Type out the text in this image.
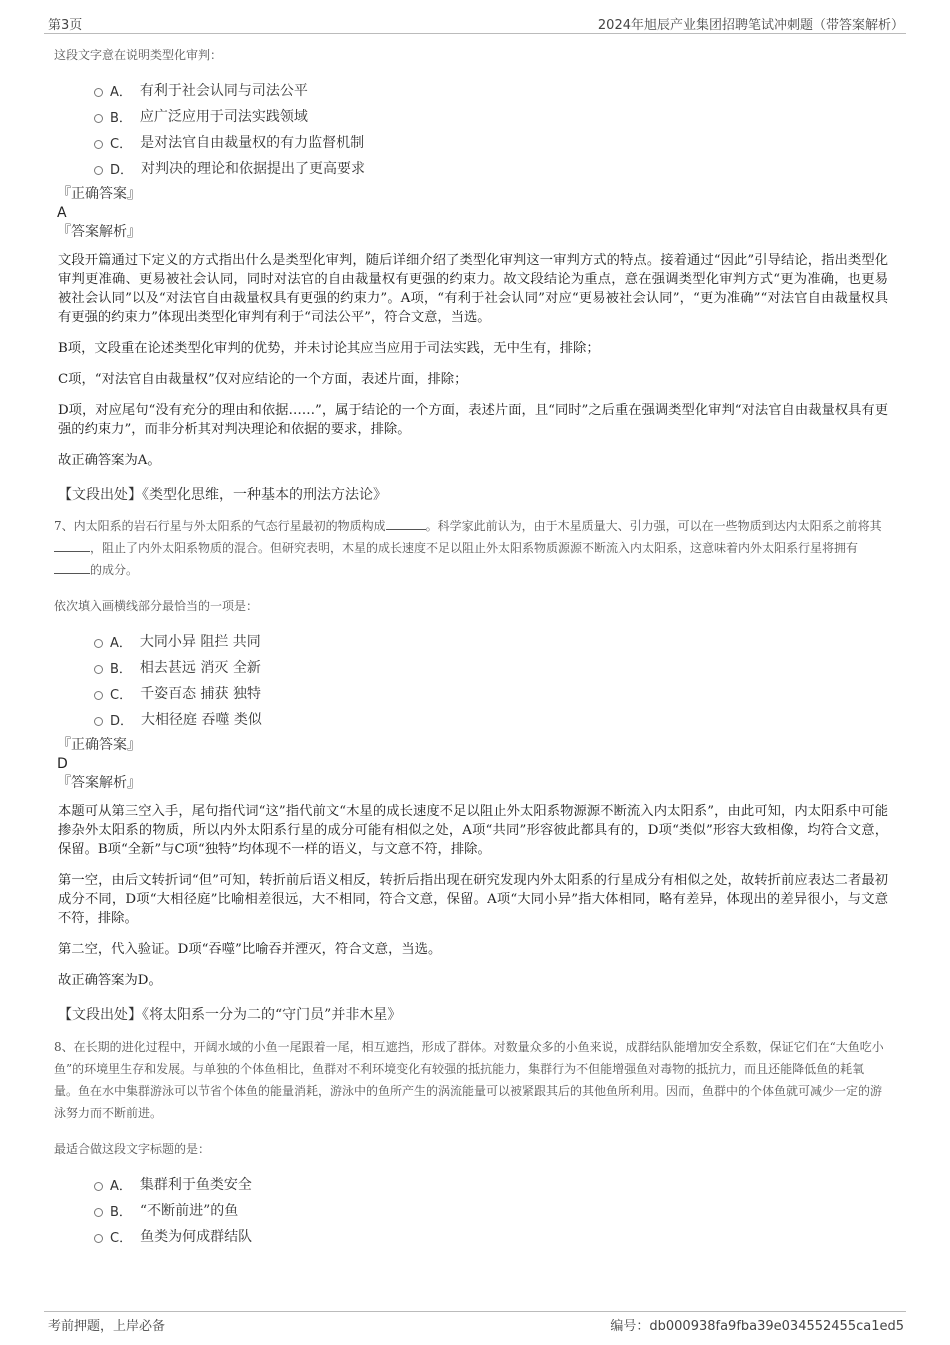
第3页	2024年旭辰产业集团招聘笔试冲刺题（带答案解析）

这段文字意在说明类型化审判：

A． 有利于社会认同与司法公平
B． 应广泛应用于司法实践领域
C． 是对法官自由裁量权的有力监督机制
D． 对判决的理论和依据提出了更高要求

『正确答案』

A

『答案解析』

文段开篇通过下定义的方式指出什么是类型化审判，随后详细介绍了类型化审判这一审判方式的特点。接着通过“因此”引导结论，指出类型化审判更准确、更易被社会认同，同时对法官的自由裁量权有更强的约束力。故文段结论为重点，意在强调类型化审判方式“更为准确，也更易被社会认同”以及“对法官自由裁量权具有更强的约束力”。A项，“有利于社会认同”对应“更易被社会认同”，“更为准确”“对法官自由裁量权具有更强的约束力”体现出类型化审判有利于“司法公平”，符合文意，当选。

B项，文段重在论述类型化审判的优势，并未讨论其应当应用于司法实践，无中生有，排除；

C项，“对法官自由裁量权”仅对应结论的一个方面，表述片面，排除；

D项，对应尾句“没有充分的理由和依据……”，属于结论的一个方面，表述片面，且“同时”之后重在强调类型化审判“对法官自由裁量权具有更强的约束力”，而非分析其对判决理论和依据的要求，排除。

故正确答案为A。

【文段出处】《类型化思维，一种基本的刑法方法论》

7、内太阳系的岩石行星与外太阳系的气态行星最初的物质构成	。科学家此前认为，由于木星质量大、引力强，可以在一些物质到达内太阳系之前将其，阻止了内外太阳系物质的混合。但研究表明，木星的成长速度不足以阻止外太阳系物质源源不断流入内太阳系，这意味着内外太阳系行星将拥有的成分。

依次填入画横线部分最恰当的一项是：

A． 大同小异 阻拦 共同
B． 相去甚远 消灭 全新
C． 千姿百态 捕获 独特
D． 大相径庭 吞噬 类似

『正确答案』

D

『答案解析』

本题可从第三空入手，尾句指代词“这”指代前文“木星的成长速度不足以阻止外太阳系物源源不断流入内太阳系”，由此可知，内太阳系中可能掺杂外太阳系的物质，所以内外太阳系行星的成分可能有相似之处，A项“共同”形容彼此都具有的，D项“类似”形容大致相像，均符合文意，保留。B项“全新”与C项“独特”均体现不一样的语义，与文意不符，排除。

第一空，由后文转折词“但”可知，转折前后语义相反，转折后指出现在研究发现内外太阳系的行星成分有相似之处，故转折前应表达二者最初成分不同，D项“大相径庭”比喻相差很远，大不相同，符合文意，保留。A项“大同小异”指大体相同，略有差异，体现出的差异很小，与文意不符，排除。

第二空，代入验证。D项“吞噬”比喻吞并湮灭，符合文意，当选。

故正确答案为D。

【文段出处】《将太阳系一分为二的“守门员”并非木星》

8、在长期的进化过程中，开阔水域的小鱼一尾跟着一尾，相互遮挡，形成了群体。对数量众多的小鱼来说，成群结队能增加安全系数，保证它们在“大鱼吃小鱼”的环境里生存和发展。与单独的个体鱼相比，鱼群对不利环境变化有较强的抵抗能力，集群行为不但能增强鱼对毒物的抵抗力，而且还能降低鱼的耗氧量。鱼在水中集群游泳可以节省个体鱼的能量消耗，游泳中的鱼所产生的涡流能量可以被紧跟其后的其他鱼所利用。因而，鱼群中的个体鱼就可减少一定的游泳努力而不断前进。

最适合做这段文字标题的是：

A． 集群利于鱼类安全
B． “不断前进”的鱼
C． 鱼类为何成群结队
考前押题，上岸必备	编号：db000938fa9fba39e034552455ca1ed5
